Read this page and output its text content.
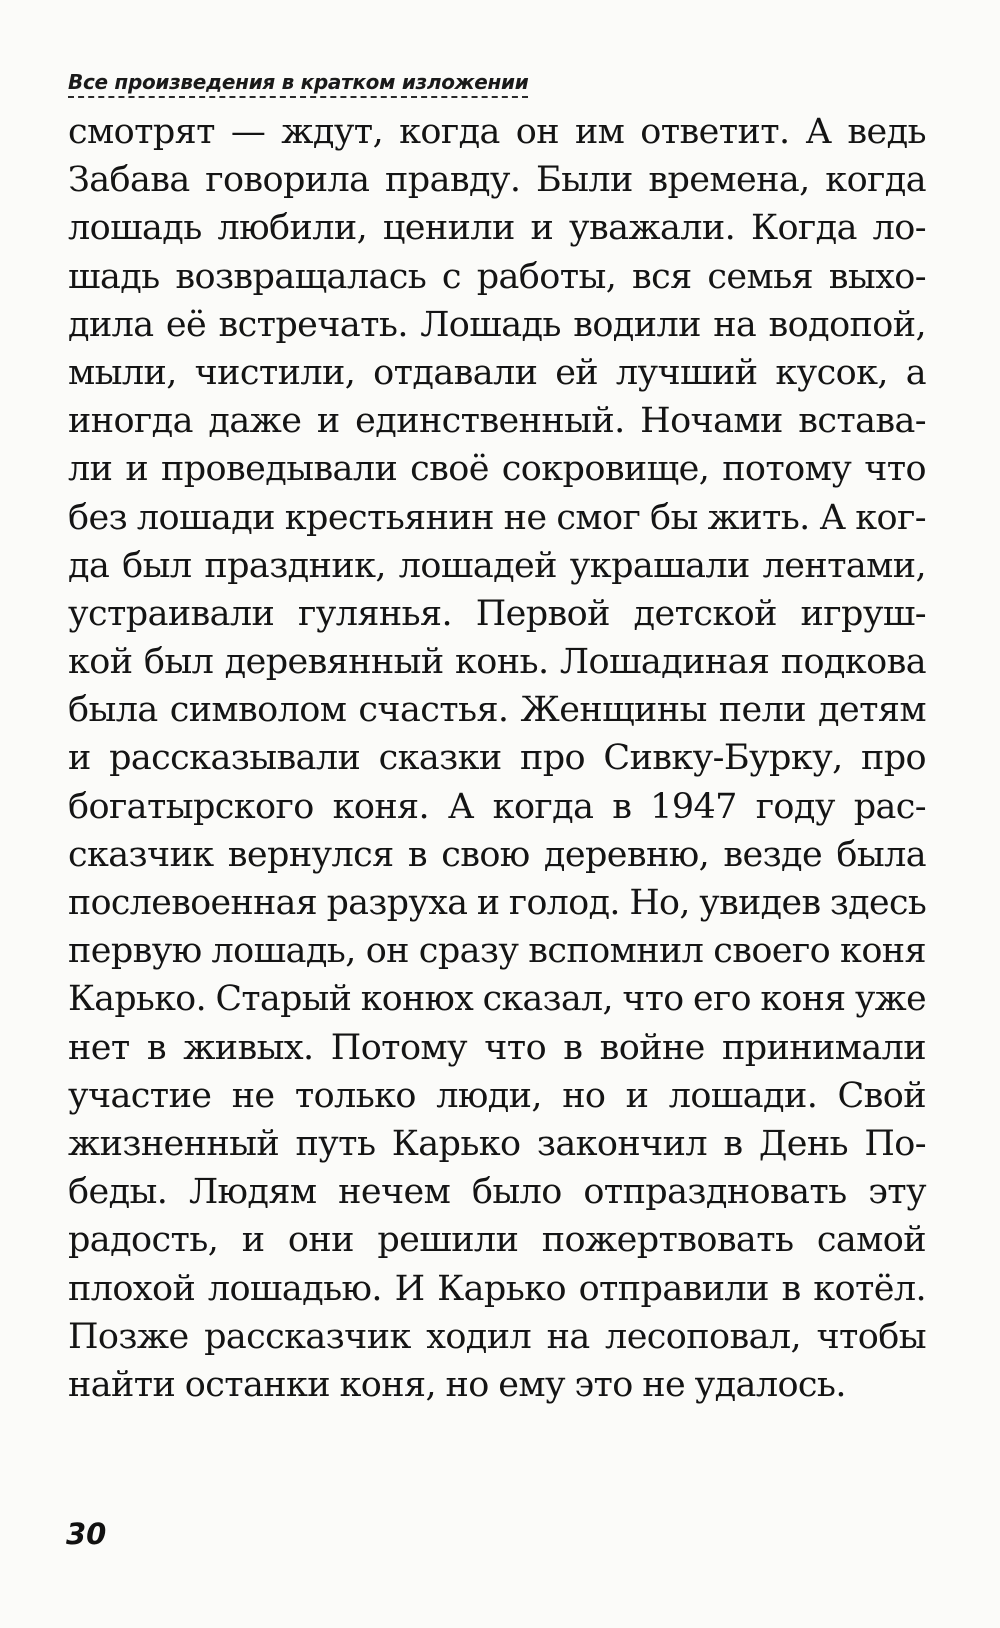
Все произведения в кратком изложении
смотрят — ждут, когда он им ответит. А ведь
Забава говорила правду. Были времена, когда
лошадь любили, ценили и уважали. Когда ло-
шадь возвращалась с работы, вся семья выхо-
дила её встречать. Лошадь водили на водопой,
мыли, чистили, отдавали ей лучший кусок, а
иногда даже и единственный. Ночами встава-
ли и проведывали своё сокровище, потому что
без лошади крестьянин не смог бы жить. А ког-
да был праздник, лошадей украшали лентами,
устраивали гулянья. Первой детской игруш-
кой был деревянный конь. Лошадиная подкова
была символом счастья. Женщины пели детям
и рассказывали сказки про Сивку-Бурку, про
богатырского коня. А когда в 1947 году рас-
сказчик вернулся в свою деревню, везде была
послевоенная разруха и голод. Но, увидев здесь
первую лошадь, он сразу вспомнил своего коня
Карько. Старый конюх сказал, что его коня уже
нет в живых. Потому что в войне принимали
участие не только люди, но и лошади. Свой
жизненный путь Карько закончил в День По-
беды. Людям нечем было отпраздновать эту
радость, и они решили пожертвовать самой
плохой лошадью. И Карько отправили в котёл.
Позже рассказчик ходил на лесоповал, чтобы
найти останки коня, но ему это не удалось.
30
